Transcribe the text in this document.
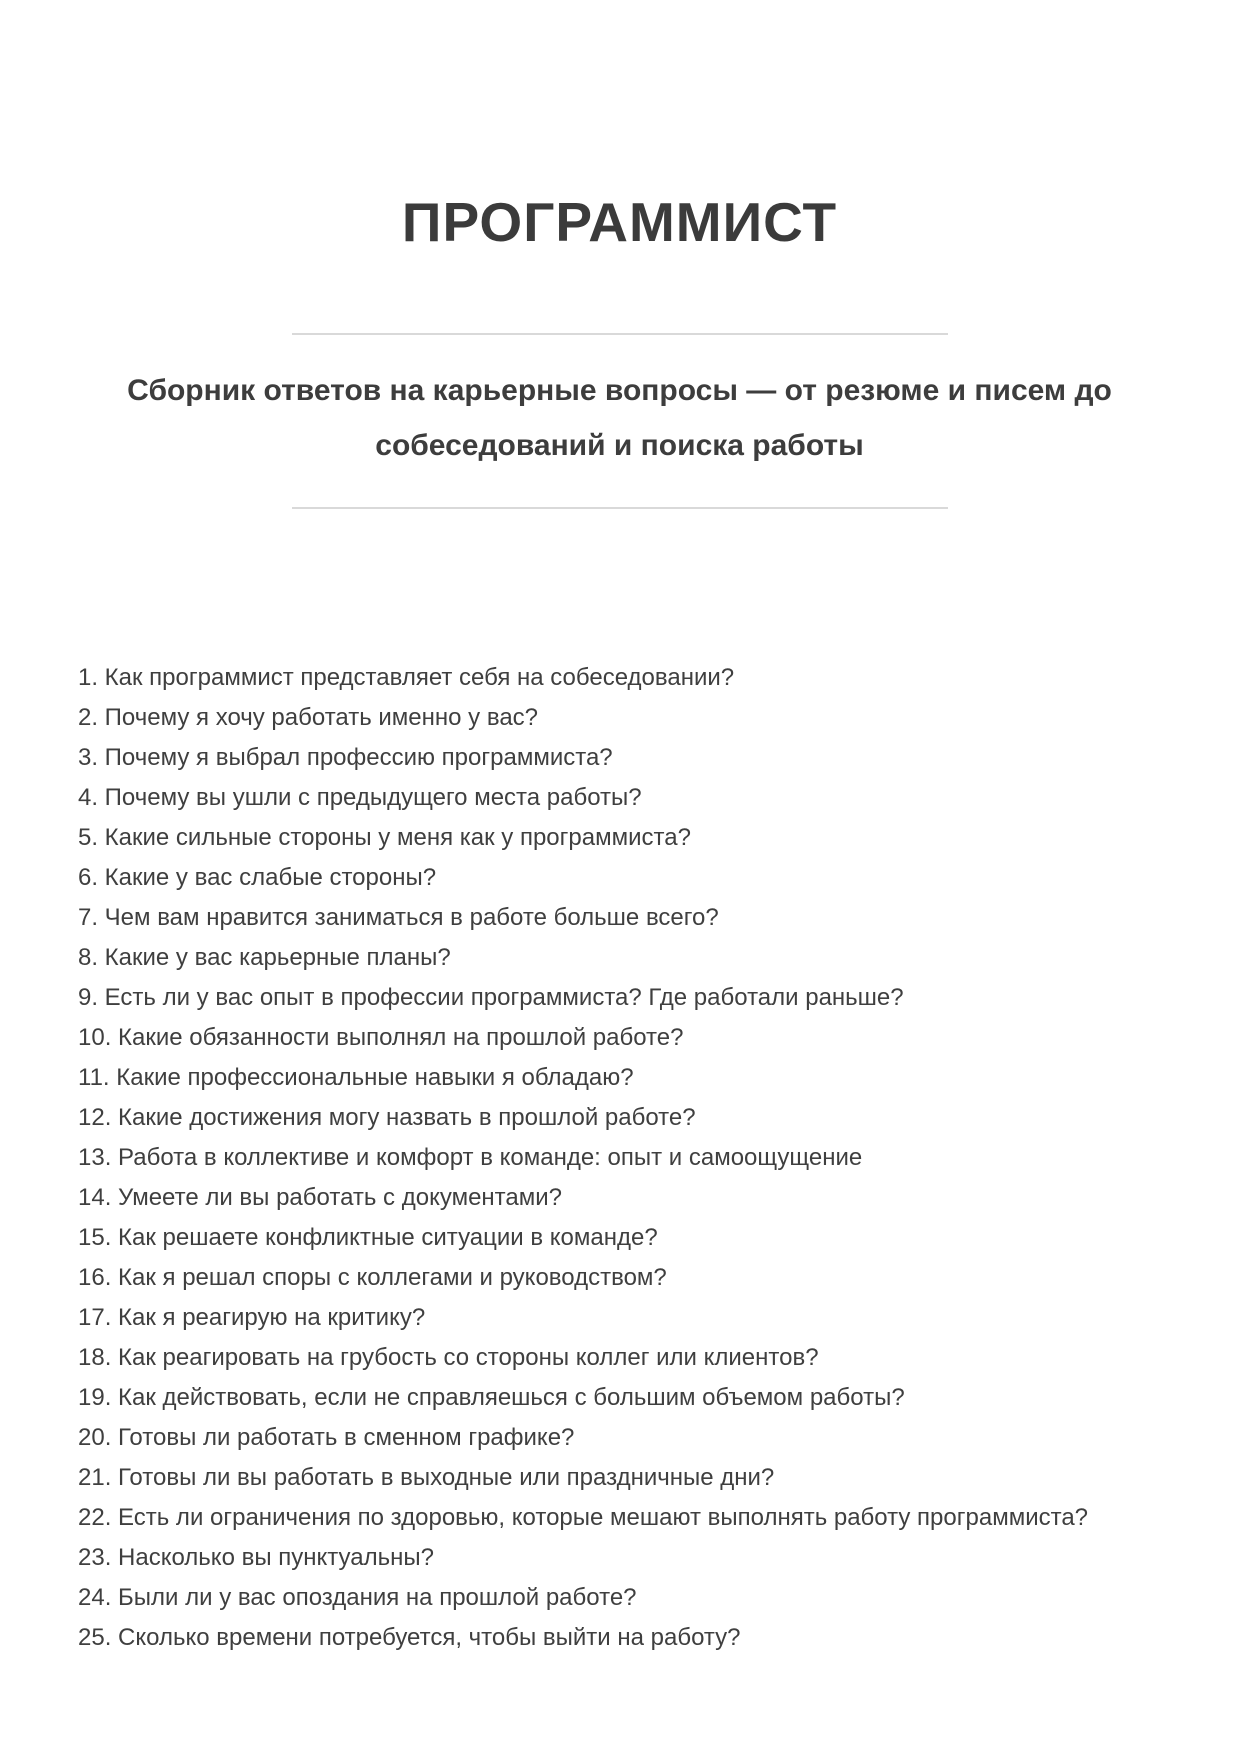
ПРОГРАММИСТ
Сборник ответов на карьерные вопросы — от резюме и писем до собеседований и поиска работы
1. Как программист представляет себя на собеседовании?
2. Почему я хочу работать именно у вас?
3. Почему я выбрал профессию программиста?
4. Почему вы ушли с предыдущего места работы?
5. Какие сильные стороны у меня как у программиста?
6. Какие у вас слабые стороны?
7. Чем вам нравится заниматься в работе больше всего?
8. Какие у вас карьерные планы?
9. Есть ли у вас опыт в профессии программиста? Где работали раньше?
10. Какие обязанности выполнял на прошлой работе?
11. Какие профессиональные навыки я обладаю?
12. Какие достижения могу назвать в прошлой работе?
13. Работа в коллективе и комфорт в команде: опыт и самоощущение
14. Умеете ли вы работать с документами?
15. Как решаете конфликтные ситуации в команде?
16. Как я решал споры с коллегами и руководством?
17. Как я реагирую на критику?
18. Как реагировать на грубость со стороны коллег или клиентов?
19. Как действовать, если не справляешься с большим объемом работы?
20. Готовы ли работать в сменном графике?
21. Готовы ли вы работать в выходные или праздничные дни?
22. Есть ли ограничения по здоровью, которые мешают выполнять работу программиста?
23. Насколько вы пунктуальны?
24. Были ли у вас опоздания на прошлой работе?
25. Сколько времени потребуется, чтобы выйти на работу?
